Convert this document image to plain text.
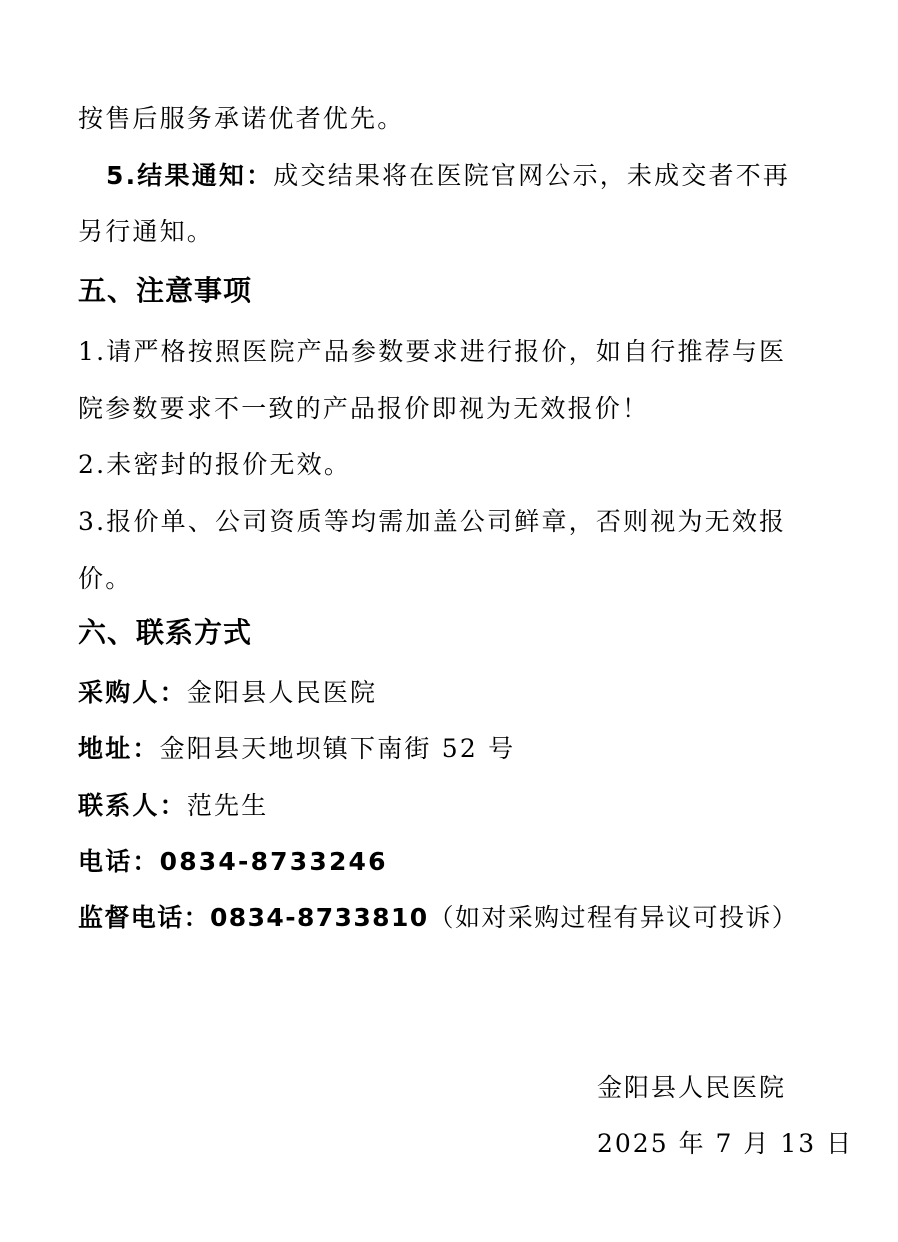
按售后服务承诺优者优先。
5.结果通知：成交结果将在医院官网公示，未成交者不再
另行通知。
五、注意事项
1.请严格按照医院产品参数要求进行报价，如自行推荐与医
院参数要求不一致的产品报价即视为无效报价！
2.未密封的报价无效。
3.报价单、公司资质等均需加盖公司鲜章，否则视为无效报
价。
六、联系方式
采购人：金阳县人民医院
地址：金阳县天地坝镇下南街 52 号
联系人：范先生
电话：0834-8733246
监督电话：0834-8733810（如对采购过程有异议可投诉）
金阳县人民医院
2025 年 7 月 13 日
